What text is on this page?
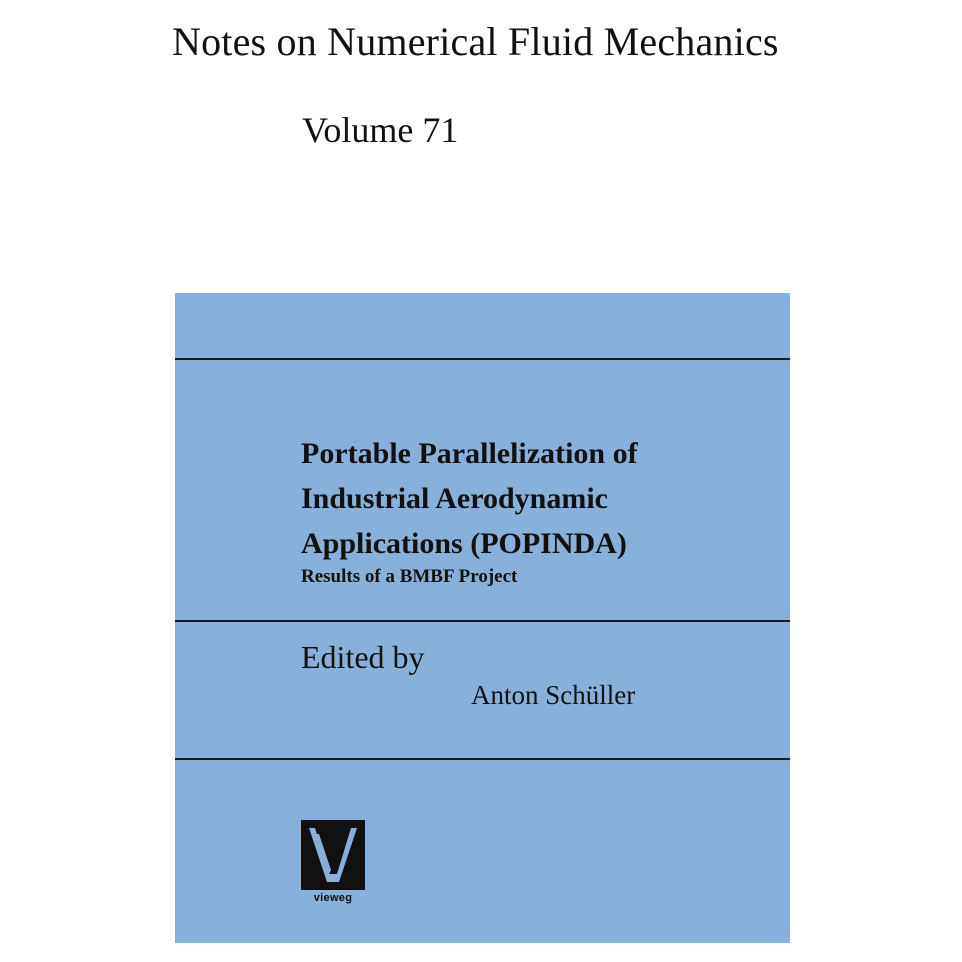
Notes on Numerical Fluid Mechanics
Volume 71
Portable Parallelization of
Industrial Aerodynamic
Applications (POPINDA)
Results of a BMBF Project
Edited by
Anton Schüller
vieweg
